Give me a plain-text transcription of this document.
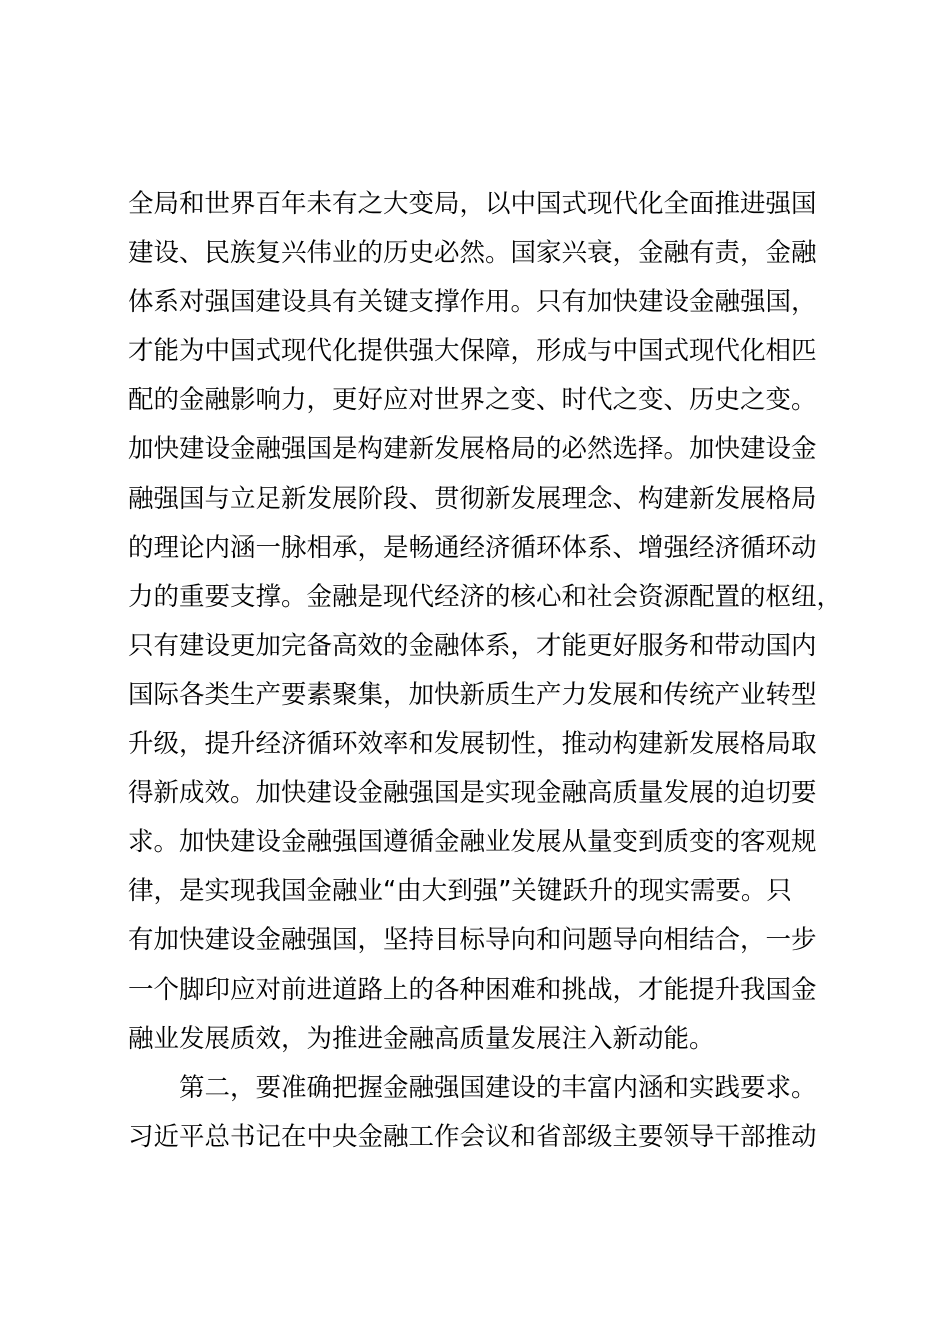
全局和世界百年未有之大变局，以中国式现代化全面推进强国
建设、民族复兴伟业的历史必然。国家兴衰，金融有责，金融
体系对强国建设具有关键支撑作用。只有加快建设金融强国，
才能为中国式现代化提供强大保障，形成与中国式现代化相匹
配的金融影响力，更好应对世界之变、时代之变、历史之变。
加快建设金融强国是构建新发展格局的必然选择。加快建设金
融强国与立足新发展阶段、贯彻新发展理念、构建新发展格局
的理论内涵一脉相承，是畅通经济循环体系、增强经济循环动
力的重要支撑。金融是现代经济的核心和社会资源配置的枢纽，
只有建设更加完备高效的金融体系，才能更好服务和带动国内
国际各类生产要素聚集，加快新质生产力发展和传统产业转型
升级，提升经济循环效率和发展韧性，推动构建新发展格局取
得新成效。加快建设金融强国是实现金融高质量发展的迫切要
求。加快建设金融强国遵循金融业发展从量变到质变的客观规
律，是实现我国金融业“由大到强”关键跃升的现实需要。只
有加快建设金融强国，坚持目标导向和问题导向相结合，一步
一个脚印应对前进道路上的各种困难和挑战，才能提升我国金
融业发展质效，为推进金融高质量发展注入新动能。
第二，要准确把握金融强国建设的丰富内涵和实践要求。
习近平总书记在中央金融工作会议和省部级主要领导干部推动
